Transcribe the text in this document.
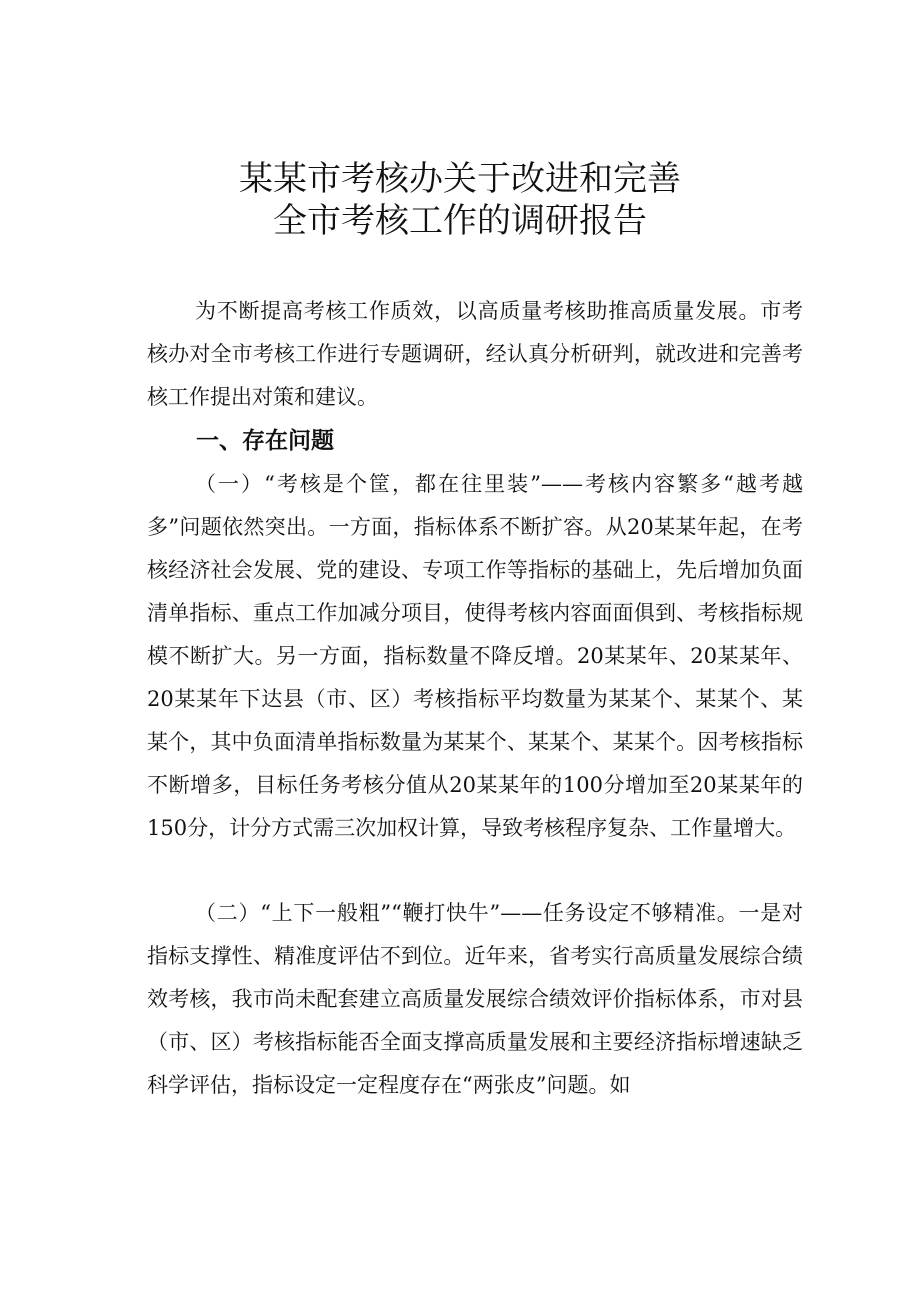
某某市考核办关于改进和完善
全市考核工作的调研报告

为不断提高考核工作质效，以高质量考核助推高质量发展。市考核办对全市考核工作进行专题调研，经认真分析研判，就改进和完善考核工作提出对策和建议。

一、存在问题

（一）“考核是个筐，都在往里装”——考核内容繁多“越考越多”问题依然突出。一方面，指标体系不断扩容。从20某某年起，在考核经济社会发展、党的建设、专项工作等指标的基础上，先后增加负面清单指标、重点工作加减分项目，使得考核内容面面俱到、考核指标规模不断扩大。另一方面，指标数量不降反增。20某某年、20某某年、20某某年下达县（市、区）考核指标平均数量为某某个、某某个、某某个，其中负面清单指标数量为某某个、某某个、某某个。因考核指标不断增多，目标任务考核分值从20某某年的100分增加至20某某年的150分，计分方式需三次加权计算，导致考核程序复杂、工作量增大。

（二）“上下一般粗”“鞭打快牛”——任务设定不够精准。一是对指标支撑性、精准度评估不到位。近年来，省考实行高质量发展综合绩效考核，我市尚未配套建立高质量发展综合绩效评价指标体系，市对县（市、区）考核指标能否全面支撑高质量发展和主要经济指标增速缺乏科学评估，指标设定一定程度存在“两张皮”问题。如
